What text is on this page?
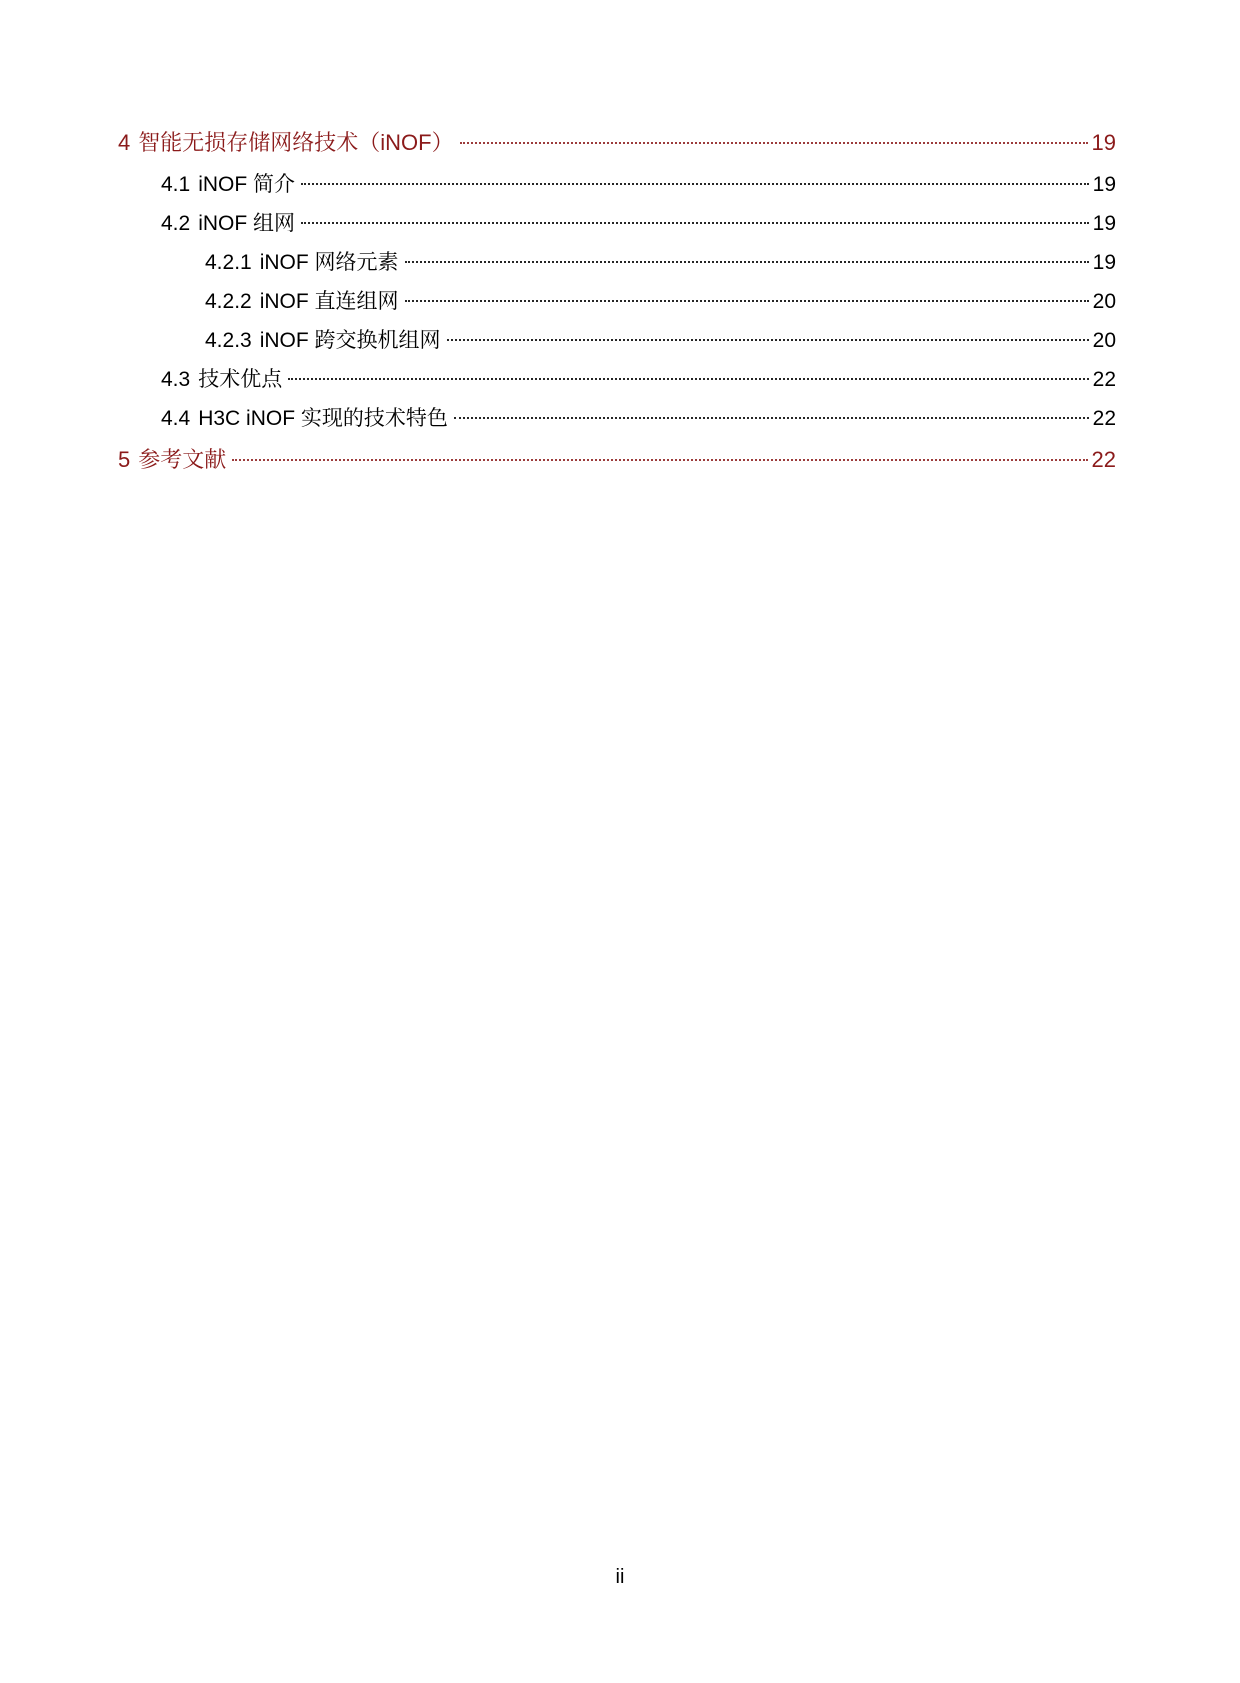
4 智能无损存储网络技术（iNOF）	19
4.1 iNOF 简介	19
4.2 iNOF 组网	19
4.2.1 iNOF 网络元素	19
4.2.2 iNOF 直连组网	20
4.2.3 iNOF 跨交换机组网	20
4.3 技术优点	22
4.4 H3C iNOF 实现的技术特色	22
5 参考文献	22
ii
